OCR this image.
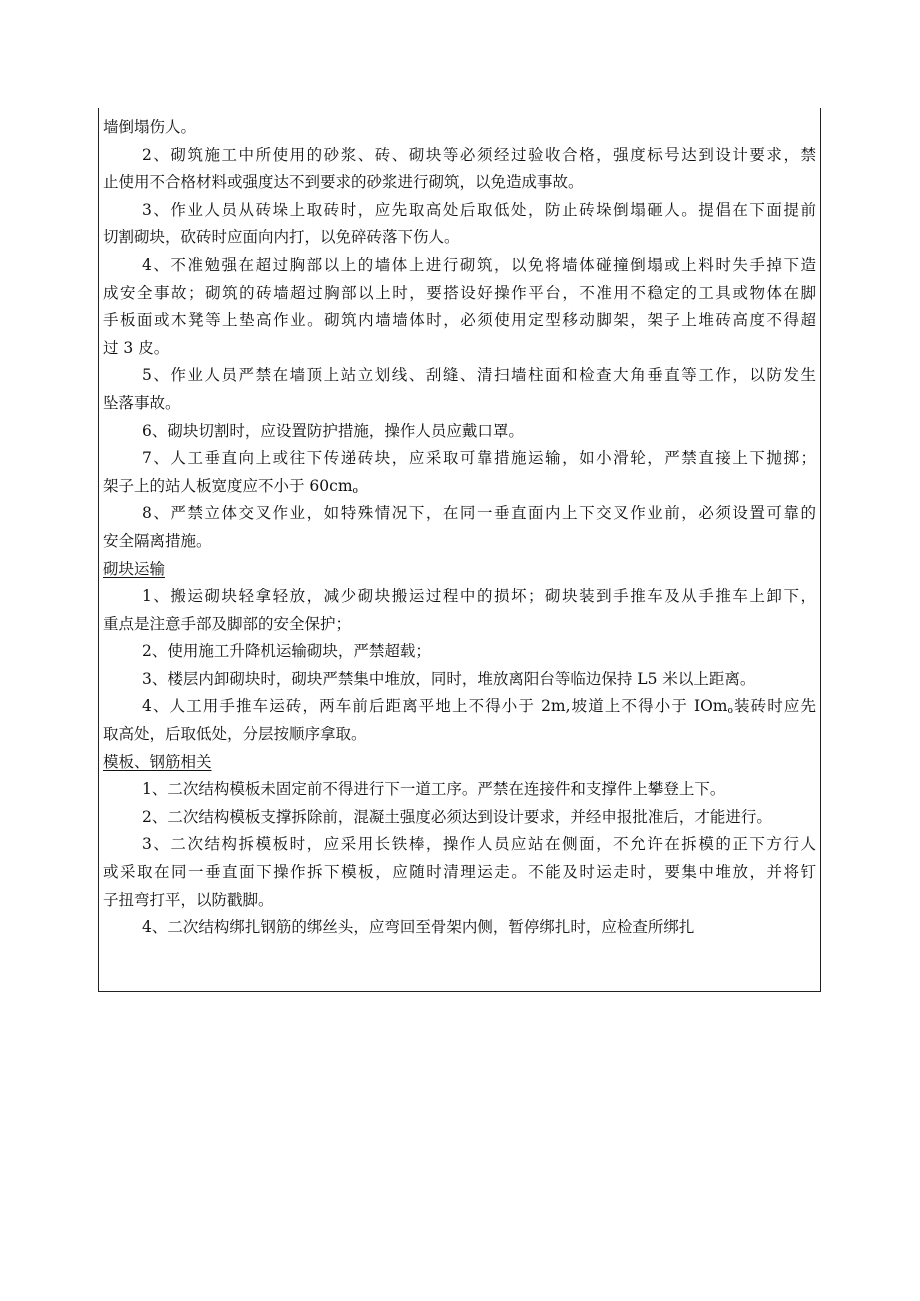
墙倒塌伤人。
2、砌筑施工中所使用的砂浆、砖、砌块等必须经过验收合格，强度标号达到设计要求，禁
止使用不合格材料或强度达不到要求的砂浆进行砌筑，以免造成事故。
3、作业人员从砖垛上取砖时，应先取高处后取低处，防止砖垛倒塌砸人。提倡在下面提前
切割砌块，砍砖时应面向内打，以免碎砖落下伤人。
4、不准勉强在超过胸部以上的墙体上进行砌筑，以免将墙体碰撞倒塌或上料时失手掉下造
成安全事故；砌筑的砖墙超过胸部以上时，要搭设好操作平台，不准用不稳定的工具或物体在脚
手板面或木凳等上垫高作业。砌筑内墙墙体时，必须使用定型移动脚架，架子上堆砖高度不得超
过 3 皮。
5、作业人员严禁在墙顶上站立划线、刮缝、清扫墙柱面和检查大角垂直等工作，以防发生
坠落事故。
6、砌块切割时，应设置防护措施，操作人员应戴口罩。
7、人工垂直向上或往下传递砖块，应采取可靠措施运输，如小滑轮，严禁直接上下抛掷；
架子上的站人板宽度应不小于 $60cm_o$
8、严禁立体交叉作业，如特殊情况下，在同一垂直面内上下交叉作业前，必须设置可靠的
安全隔离措施。
砌块运输
1、搬运砌块轻拿轻放，减少砌块搬运过程中的损坏；砌块装到手推车及从手推车上卸下，
重点是注意手部及脚部的安全保护；
2、使用施工升降机运输砌块，严禁超载；
3、楼层内卸砌块时，砌块严禁集中堆放，同时，堆放离阳台等临边保持 L5 米以上距离。
4、人工用手推车运砖，两车前后距离平地上不得小于 2m,坡道上不得小于 IOm$_o$装砖时应先
取高处，后取低处，分层按顺序拿取。
模板、钢筋相关
1、二次结构模板未固定前不得进行下一道工序。严禁在连接件和支撑件上攀登上下。
2、二次结构模板支撑拆除前，混凝土强度必须达到设计要求，并经申报批准后，才能进行。
3、二次结构拆模板时，应采用长铁棒，操作人员应站在侧面，不允许在拆模的正下方行人
或采取在同一垂直面下操作拆下模板，应随时清理运走。不能及时运走时，要集中堆放，并将钉
子扭弯打平，以防戳脚。
4、二次结构绑扎钢筋的绑丝头，应弯回至骨架内侧，暂停绑扎时，应检查所绑扎
